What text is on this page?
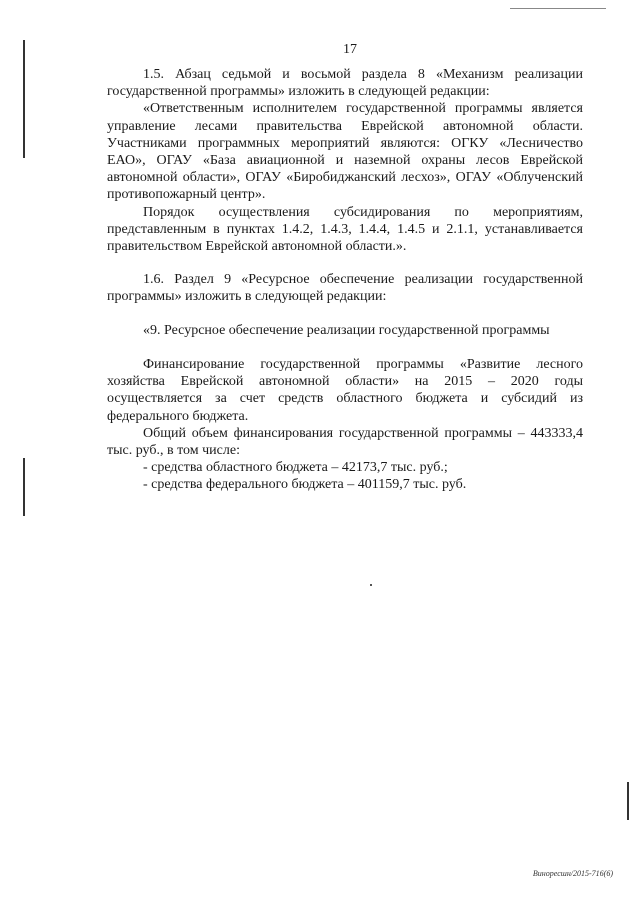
17

1.5. Абзац седьмой и восьмой раздела 8 «Механизм реализации государственной программы» изложить в следующей редакции:

«Ответственным исполнителем государственной программы является управление лесами правительства Еврейской автономной области. Участниками программных мероприятий являются: ОГКУ «Лесничество ЕАО», ОГАУ «База авиационной и наземной охраны лесов Еврейской автономной области», ОГАУ «Биробиджанский лесхоз», ОГАУ «Облученский противопожарный центр».

Порядок осуществления субсидирования по мероприятиям, представленным в пунктах 1.4.2, 1.4.3, 1.4.4, 1.4.5 и 2.1.1, устанавливается правительством Еврейской автономной области.».

1.6. Раздел 9 «Ресурсное обеспечение реализации государственной программы» изложить в следующей редакции:

«9. Ресурсное обеспечение реализации государственной программы

Финансирование государственной программы «Развитие лесного хозяйства Еврейской автономной области» на 2015 – 2020 годы осуществляется за счет средств областного бюджета и субсидий из федерального бюджета.

Общий объем финансирования государственной программы – 443333,4 тыс. руб., в том числе:

- средства областного бюджета – 42173,7 тыс. руб.;

- средства федерального бюджета – 401159,7 тыс. руб.

Виноресшн/2015-716(6)
